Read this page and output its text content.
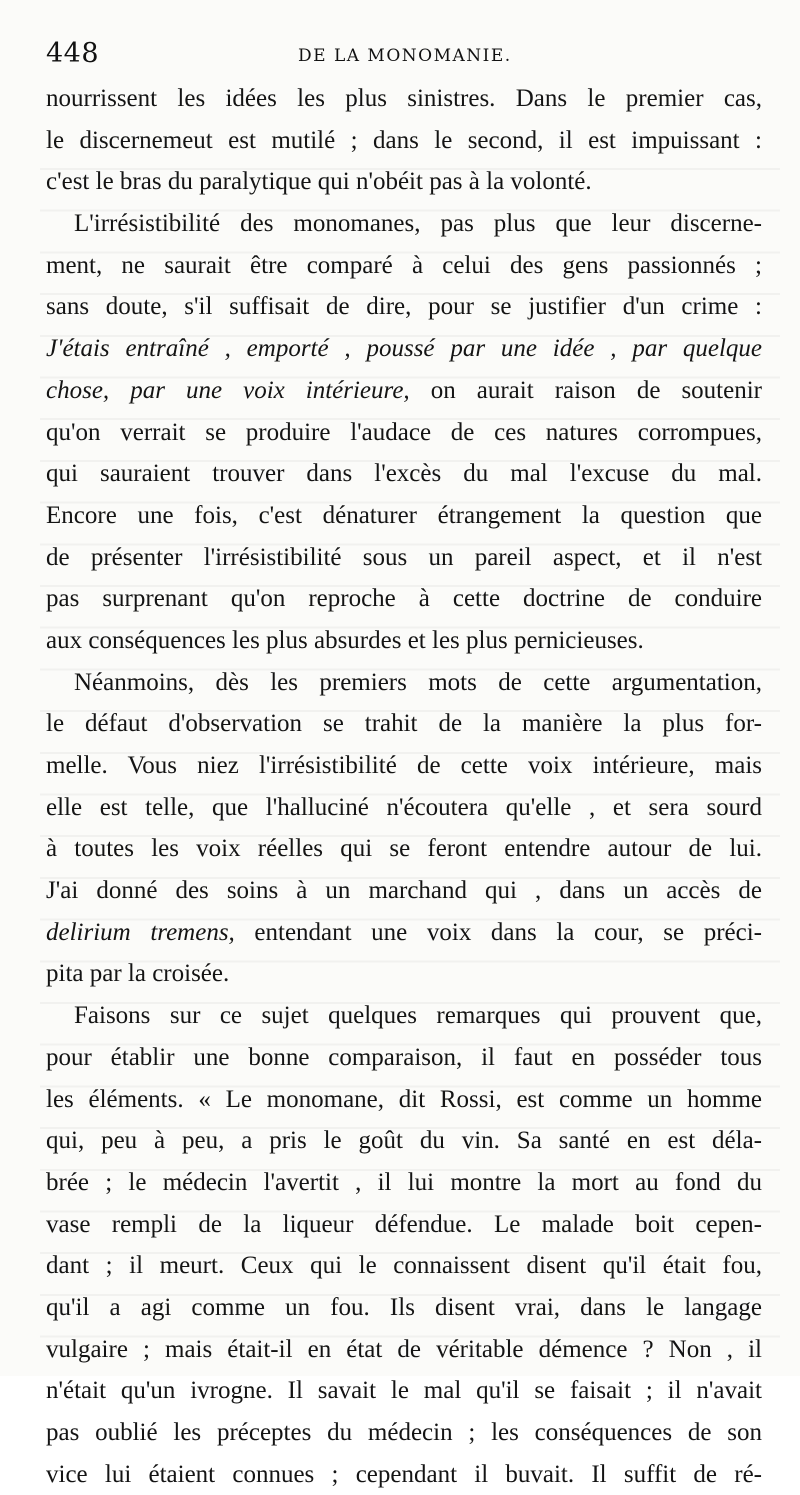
448	DE LA MONOMANIE.
nourrissent les idées les plus sinistres. Dans le premier cas,
le discernemeut est mutilé ; dans le second, il est impuissant :
c'est le bras du paralytique qui n'obéit pas à la volonté.
L'irrésistibilité des monomanes, pas plus que leur discerne-
ment, ne saurait être comparé à celui des gens passionnés ;
sans doute, s'il suffisait de dire, pour se justifier d'un crime :
J'étais entraîné , emporté , poussé par une idée , par quelque
chose, par une voix intérieure, on aurait raison de soutenir
qu'on verrait se produire l'audace de ces natures corrompues,
qui sauraient trouver dans l'excès du mal l'excuse du mal.
Encore une fois, c'est dénaturer étrangement la question que
de présenter l'irrésistibilité sous un pareil aspect, et il n'est
pas surprenant qu'on reproche à cette doctrine de conduire
aux conséquences les plus absurdes et les plus pernicieuses.
Néanmoins, dès les premiers mots de cette argumentation,
le défaut d'observation se trahit de la manière la plus for-
melle. Vous niez l'irrésistibilité de cette voix intérieure, mais
elle est telle, que l'halluciné n'écoutera qu'elle , et sera sourd
à toutes les voix réelles qui se feront entendre autour de lui.
J'ai donné des soins à un marchand qui , dans un accès de
delirium tremens, entendant une voix dans la cour, se préci-
pita par la croisée.
Faisons sur ce sujet quelques remarques qui prouvent que,
pour établir une bonne comparaison, il faut en posséder tous
les éléments. « Le monomane, dit Rossi, est comme un homme
qui, peu à peu, a pris le goût du vin. Sa santé en est déla-
brée ; le médecin l'avertit , il lui montre la mort au fond du
vase rempli de la liqueur défendue. Le malade boit cepen-
dant ; il meurt. Ceux qui le connaissent disent qu'il était fou,
qu'il a agi comme un fou. Ils disent vrai, dans le langage
vulgaire ; mais était-il en état de véritable démence ? Non , il
n'était qu'un ivrogne. Il savait le mal qu'il se faisait ; il n'avait
pas oublié les préceptes du médecin ; les conséquences de son
vice lui étaient connues ; cependant il buvait. Il suffit de ré-
